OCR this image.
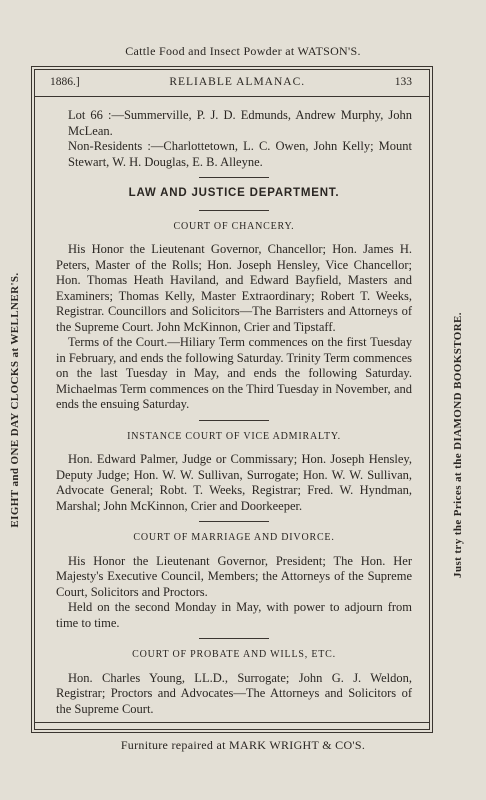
Cattle Food and Insect Powder at WATSON'S.
EIGHT and ONE DAY CLOCKS at WELLNER'S.	Just try the Prices at the DIAMOND BOOKSTORE.
1886.]	RELIABLE ALMANAC.	133

Lot 66 :—Summerville, P. J. D. Edmunds, Andrew Murphy, John McLean.

Non-Residents :—Charlottetown, L. C. Owen, John Kelly; Mount Stewart, W. H. Douglas, E. B. Alleyne.

LAW AND JUSTICE DEPARTMENT.
COURT OF CHANCERY.

His Honor the Lieutenant Governor, Chancellor; Hon. James H. Peters, Master of the Rolls; Hon. Joseph Hensley, Vice Chancellor; Hon. Thomas Heath Haviland, and Edward Bayfield, Masters and Examiners; Thomas Kelly, Master Extraordinary; Robert T. Weeks, Registrar. Councillors and Solicitors—The Barristers and Attorneys of the Supreme Court. John McKinnon, Crier and Tipstaff.

Terms of the Court.—Hiliary Term commences on the first Tuesday in February, and ends the following Saturday. Trinity Term commences on the last Tuesday in May, and ends the following Saturday. Michaelmas Term commences on the Third Tuesday in November, and ends the ensuing Saturday.

INSTANCE COURT OF VICE ADMIRALTY.

Hon. Edward Palmer, Judge or Commissary; Hon. Joseph Hensley, Deputy Judge; Hon. W. W. Sullivan, Surrogate; Hon. W. W. Sullivan, Advocate General; Robt. T. Weeks, Registrar; Fred. W. Hyndman, Marshal; John McKinnon, Crier and Doorkeeper.

COURT OF MARRIAGE AND DIVORCE.

His Honor the Lieutenant Governor, President; The Hon. Her Majesty's Executive Council, Members; the Attorneys of the Supreme Court, Solicitors and Proctors.

Held on the second Monday in May, with power to adjourn from time to time.

COURT OF PROBATE AND WILLS, ETC.

Hon. Charles Young, LL.D., Surrogate; John G. J. Weldon, Registrar; Proctors and Advocates—The Attorneys and Solicitors of the Supreme Court.

Furniture repaired at MARK WRIGHT & CO'S.
